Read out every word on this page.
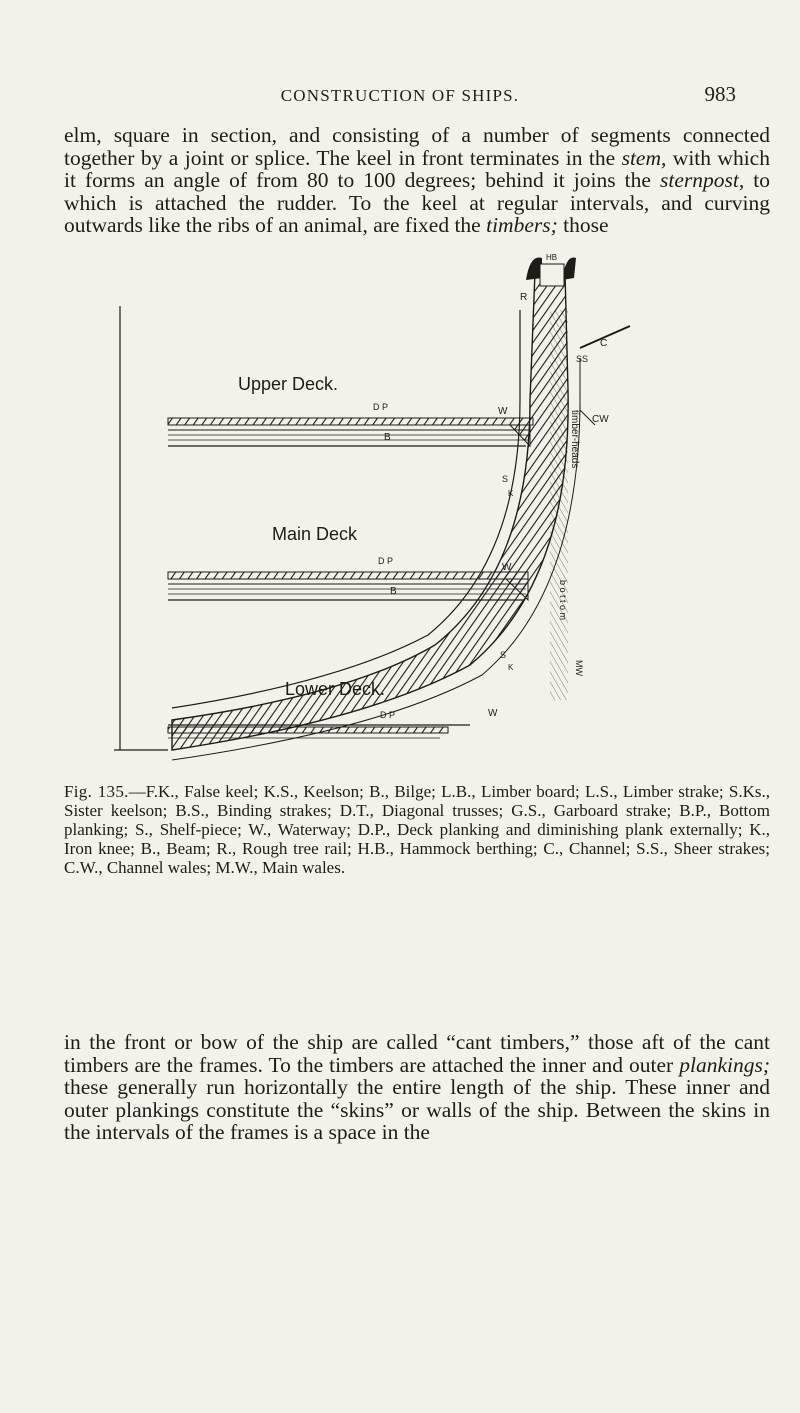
CONSTRUCTION OF SHIPS.	983

elm, square in section, and consisting of a number of segments connected together by a joint or splice. The keel in front terminates in the stem, with which it forms an angle of from 80 to 100 degrees; behind it joins the sternpost, to which is attached the rudder. To the keel at regular intervals, and curving outwards like the ribs of an animal, are fixed the timbers; those

Upper Deck.
D P
B
Main Deck
D P
B
Lower Deck.
D P
HB
R
C
SS
CW
W
S
K
W
S
K
W
MW
timber-heads
b o t t o m

Fig. 135.—F.K., False keel; K.S., Keelson; B., Bilge; L.B., Limber board; L.S., Limber strake; S.Ks., Sister keelson; B.S., Binding strakes; D.T., Diagonal trusses; G.S., Garboard strake; B.P., Bottom planking; S., Shelf-piece; W., Waterway; D.P., Deck planking and diminishing plank externally; K., Iron knee; B., Beam; R., Rough tree rail; H.B., Hammock berthing; C., Channel; S.S., Sheer strakes; C.W., Channel wales; M.W., Main wales.

in the front or bow of the ship are called “cant timbers,” those aft of the cant timbers are the frames. To the timbers are attached the inner and outer plankings; these generally run horizontally the entire length of the ship. These inner and outer plankings constitute the “skins” or walls of the ship. Between the skins in the intervals of the frames is a space in the
